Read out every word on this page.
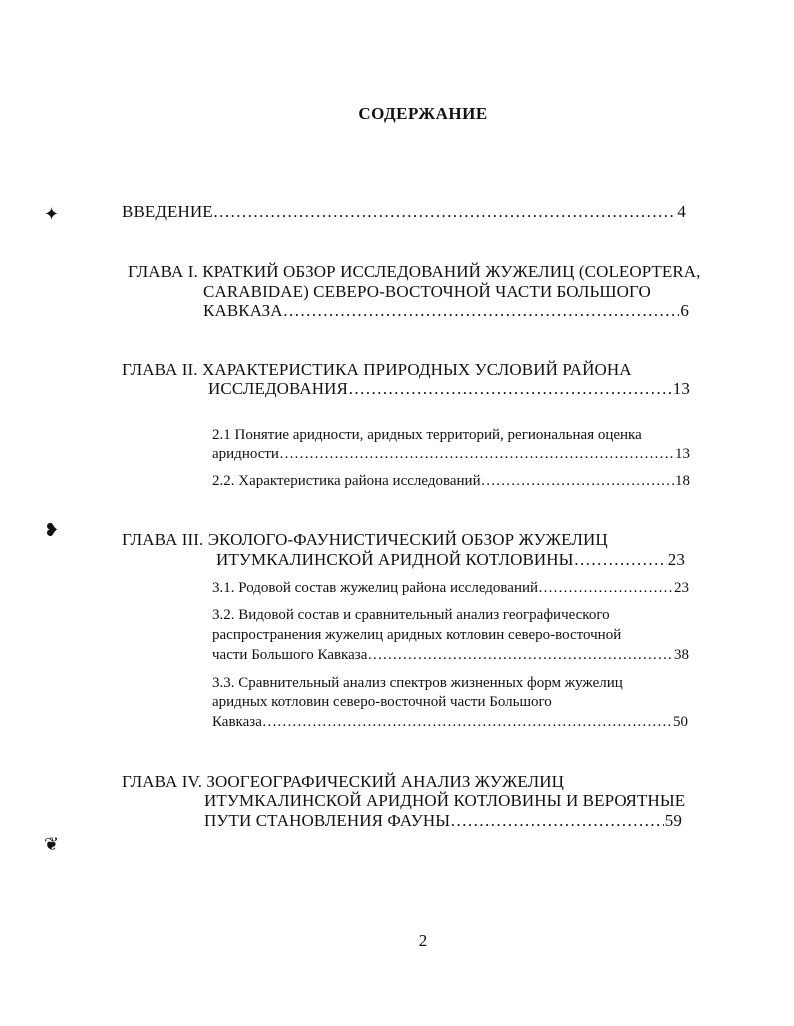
СОДЕРЖАНИЕ
✦
❥
❦
ВВЕДЕНИЕ ………………………………………………………………………………………………………………………………………………………………………………………	4
ГЛАВА I. КРАТКИЙ ОБЗОР ИССЛЕДОВАНИЙ ЖУЖЕЛИЦ (COLEOPTERA,
CARABIDAE) СЕВЕРО-ВОСТОЧНОЙ ЧАСТИ БОЛЬШОГО
КАВКАЗА ………………………………………………………………………………………………………………………………………………………………………………………	6
ГЛАВА II. ХАРАКТЕРИСТИКА ПРИРОДНЫХ УСЛОВИЙ РАЙОНА
ИССЛЕДОВАНИЯ ………………………………………………………………………………………………………………………………………………………………………………………	13
2.1 Понятие аридности, аридных территорий, региональная оценка
аридности ………………………………………………………………………………………………………………………………………………………………………………………	13
2.2. Характеристика района исследований ………………………………………………………………………………………………………………………………………………………………………………………	18
ГЛАВА III. ЭКОЛОГО-ФАУНИСТИЧЕСКИЙ ОБЗОР ЖУЖЕЛИЦ
ИТУМКАЛИНСКОЙ АРИДНОЙ КОТЛОВИНЫ ………………………………………………………………………………………………………………………………………………………………………………………	23
3.1. Родовой состав жужелиц района исследований ………………………………………………………………………………………………………………………………………………………………………………………	23
3.2. Видовой состав и сравнительный анализ географического
распространения жужелиц аридных котловин северо-восточной
части Большого Кавказа ………………………………………………………………………………………………………………………………………………………………………………………	38
3.3. Сравнительный анализ спектров жизненных форм жужелиц
аридных котловин северо-восточной части Большого
Кавказа ………………………………………………………………………………………………………………………………………………………………………………………	50
ГЛАВА IV. ЗООГЕОГРАФИЧЕСКИЙ АНАЛИЗ ЖУЖЕЛИЦ
ИТУМКАЛИНСКОЙ АРИДНОЙ КОТЛОВИНЫ И ВЕРОЯТНЫЕ
ПУТИ СТАНОВЛЕНИЯ ФАУНЫ ………………………………………………………………………………………………………………………………………………………………………………………	59
2
